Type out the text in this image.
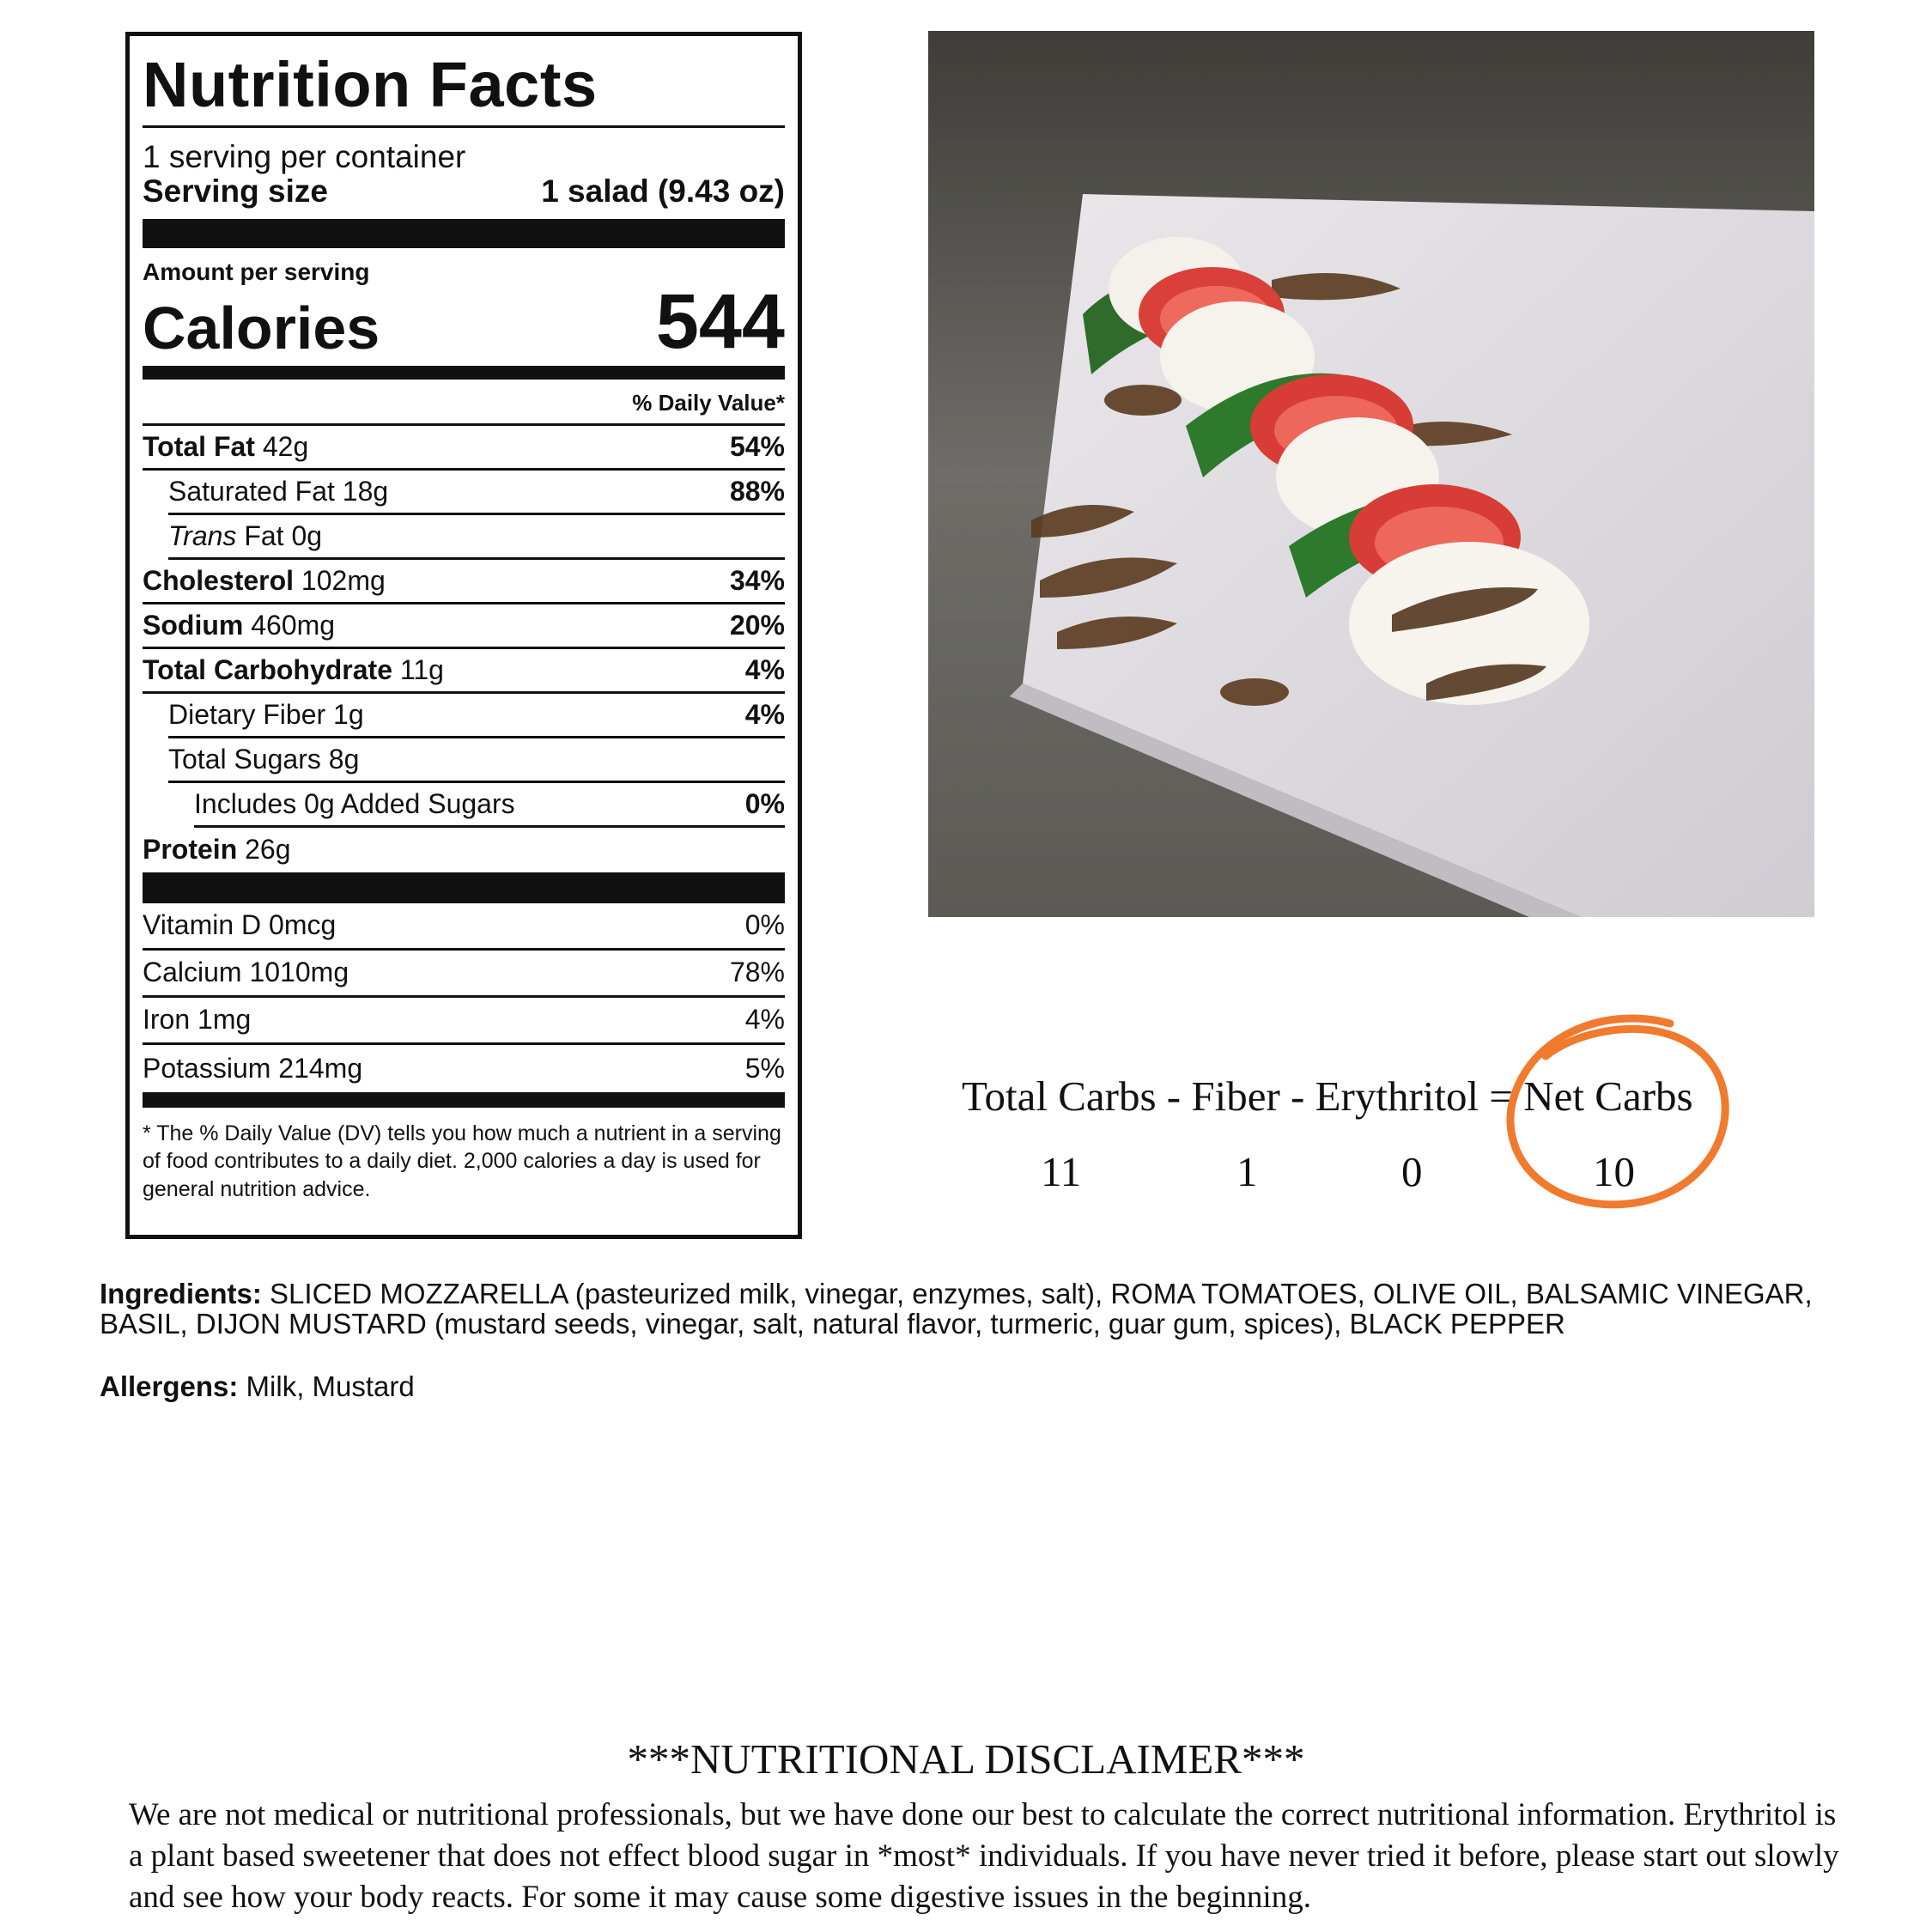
Nutrition Facts
1 serving per container
Serving size	1 salad (9.43 oz)
Amount per serving
Calories	544
% Daily Value*
Total Fat 42g	54%
Saturated Fat 18g	88%
Trans Fat 0g
Cholesterol 102mg	34%
Sodium 460mg	20%
Total Carbohydrate 11g	4%
Dietary Fiber 1g	4%
Total Sugars 8g
Includes 0g Added Sugars	0%
Protein 26g
Vitamin D 0mcg	0%
Calcium 1010mg	78%
Iron 1mg	4%
Potassium 214mg	5%
* The % Daily Value (DV) tells you how much a nutrient in a serving of food contributes to a daily diet. 2,000 calories a day is used for general nutrition advice.
Total Carbs - Fiber - Erythritol = Net Carbs
11	1	0	10
Ingredients: SLICED MOZZARELLA (pasteurized milk, vinegar, enzymes, salt), ROMA TOMATOES, OLIVE OIL, BALSAMIC VINEGAR, BASIL, DIJON MUSTARD (mustard seeds, vinegar, salt, natural flavor, turmeric, guar gum, spices), BLACK PEPPER
Allergens: Milk, Mustard
***NUTRITIONAL DISCLAIMER***
We are not medical or nutritional professionals, but we have done our best to calculate the correct nutritional information. Erythritol is a plant based sweetener that does not effect blood sugar in *most* individuals. If you have never tried it before, please start out slowly and see how your body reacts. For some it may cause some digestive issues in the beginning.
